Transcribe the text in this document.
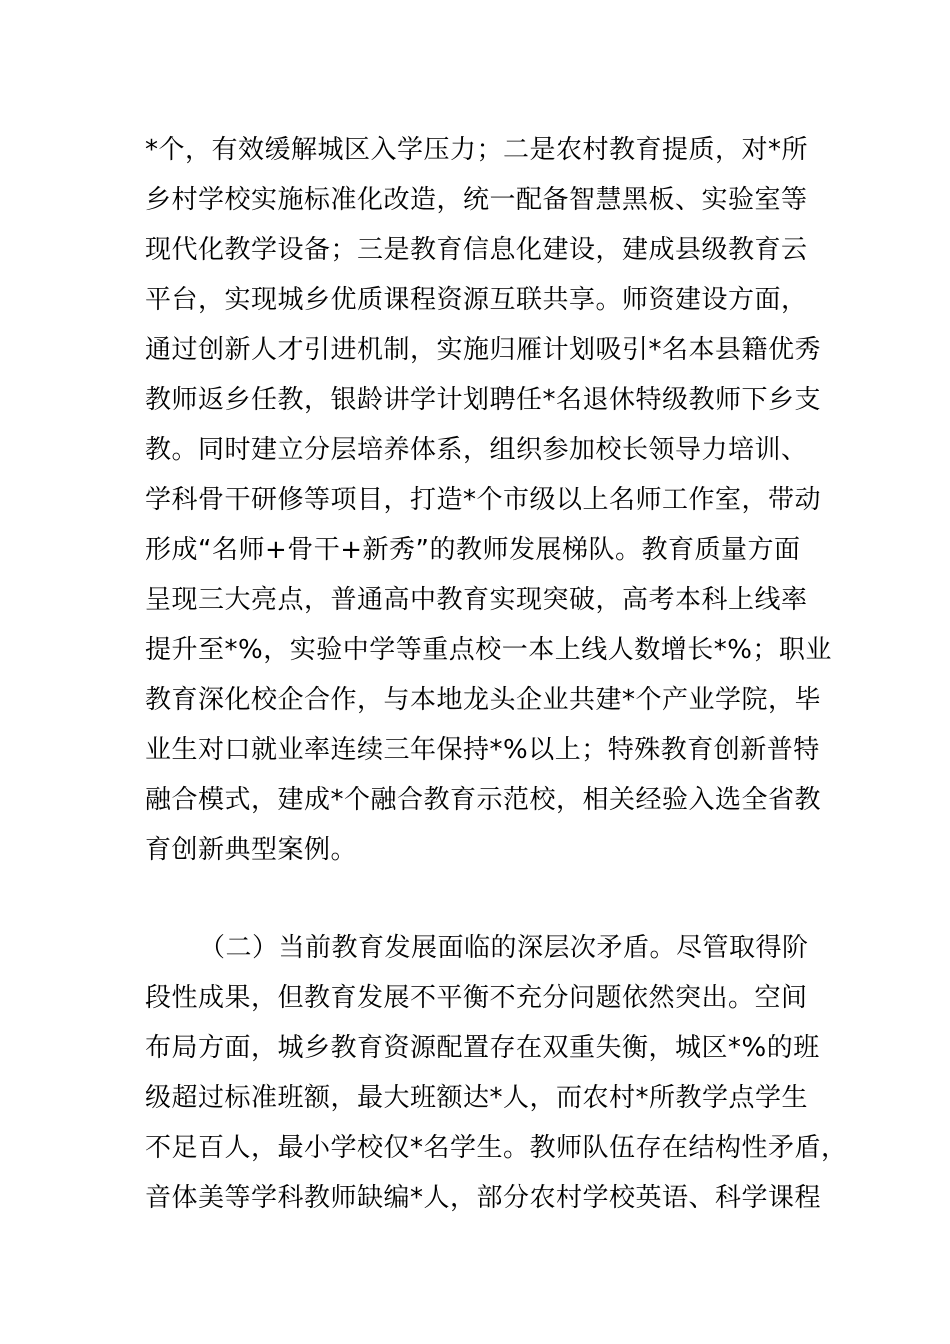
*个，有效缓解城区入学压力；二是农村教育提质，对*所
乡村学校实施标准化改造，统一配备智慧黑板、实验室等
现代化教学设备；三是教育信息化建设，建成县级教育云
平台，实现城乡优质课程资源互联共享。师资建设方面，
通过创新人才引进机制，实施归雁计划吸引*名本县籍优秀
教师返乡任教，银龄讲学计划聘任*名退休特级教师下乡支
教。同时建立分层培养体系，组织参加校长领导力培训、
学科骨干研修等项目，打造*个市级以上名师工作室，带动
形成“名师+骨干+新秀”的教师发展梯队。教育质量方面
呈现三大亮点，普通高中教育实现突破，高考本科上线率
提升至*%，实验中学等重点校一本上线人数增长*%；职业
教育深化校企合作，与本地龙头企业共建*个产业学院，毕
业生对口就业率连续三年保持*%以上；特殊教育创新普特
融合模式，建成*个融合教育示范校，相关经验入选全省教
育创新典型案例。
（二）当前教育发展面临的深层次矛盾。尽管取得阶
段性成果，但教育发展不平衡不充分问题依然突出。空间
布局方面，城乡教育资源配置存在双重失衡，城区*%的班
级超过标准班额，最大班额达*人，而农村*所教学点学生
不足百人，最小学校仅*名学生。教师队伍存在结构性矛盾，
音体美等学科教师缺编*人，部分农村学校英语、科学课程
